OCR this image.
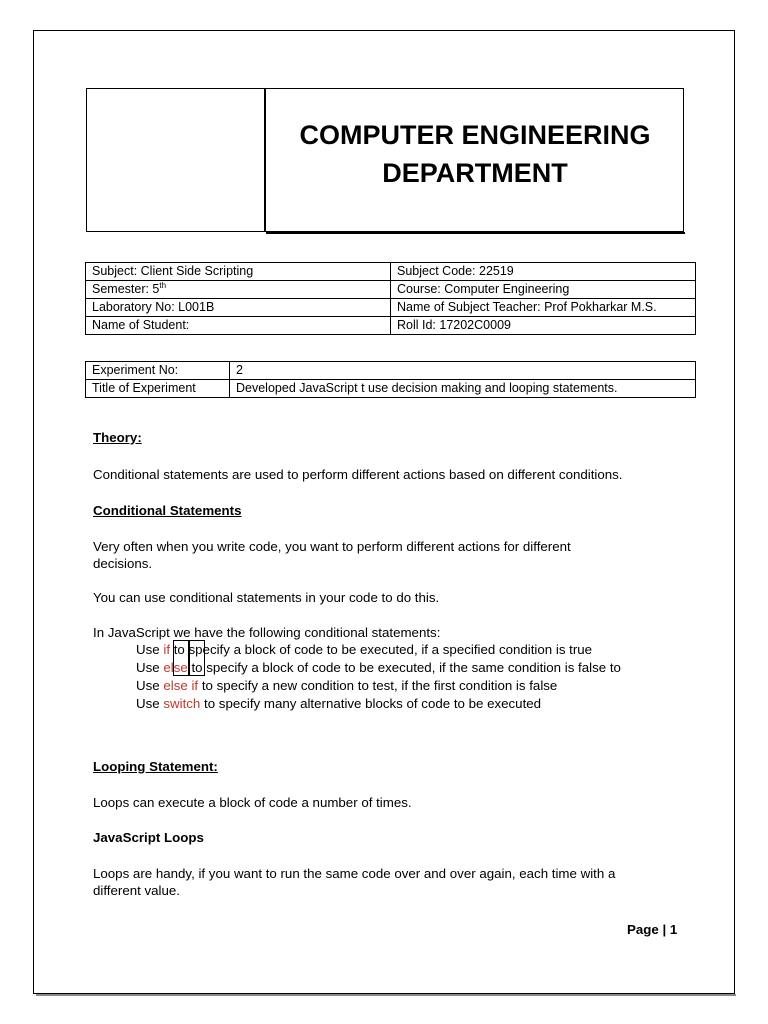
COMPUTER ENGINEERING
DEPARTMENT
Subject: Client Side Scripting	Subject Code: 22519
Semester: 5th	Course: Computer Engineering
Laboratory No: L001B	Name of Subject Teacher: Prof Pokharkar M.S.
Name of Student:	Roll Id: 17202C0009
Experiment No:	2
Title of Experiment	Developed JavaScript t use decision making and looping statements.
Theory:
Conditional statements are used to perform different actions based on different conditions.
Conditional Statements
Very often when you write code, you want to perform different actions for different
decisions.
You can use conditional statements in your code to do this.
In JavaScript we have the following conditional statements:
Use if to specify a block of code to be executed, if a specified condition is true
Use else to specify a block of code to be executed, if the same condition is false to
Use else if to specify a new condition to test, if the first condition is false
Use switch to specify many alternative blocks of code to be executed
Looping Statement:
Loops can execute a block of code a number of times.
JavaScript Loops
Loops are handy, if you want to run the same code over and over again, each time with a
different value.
Page | 1
